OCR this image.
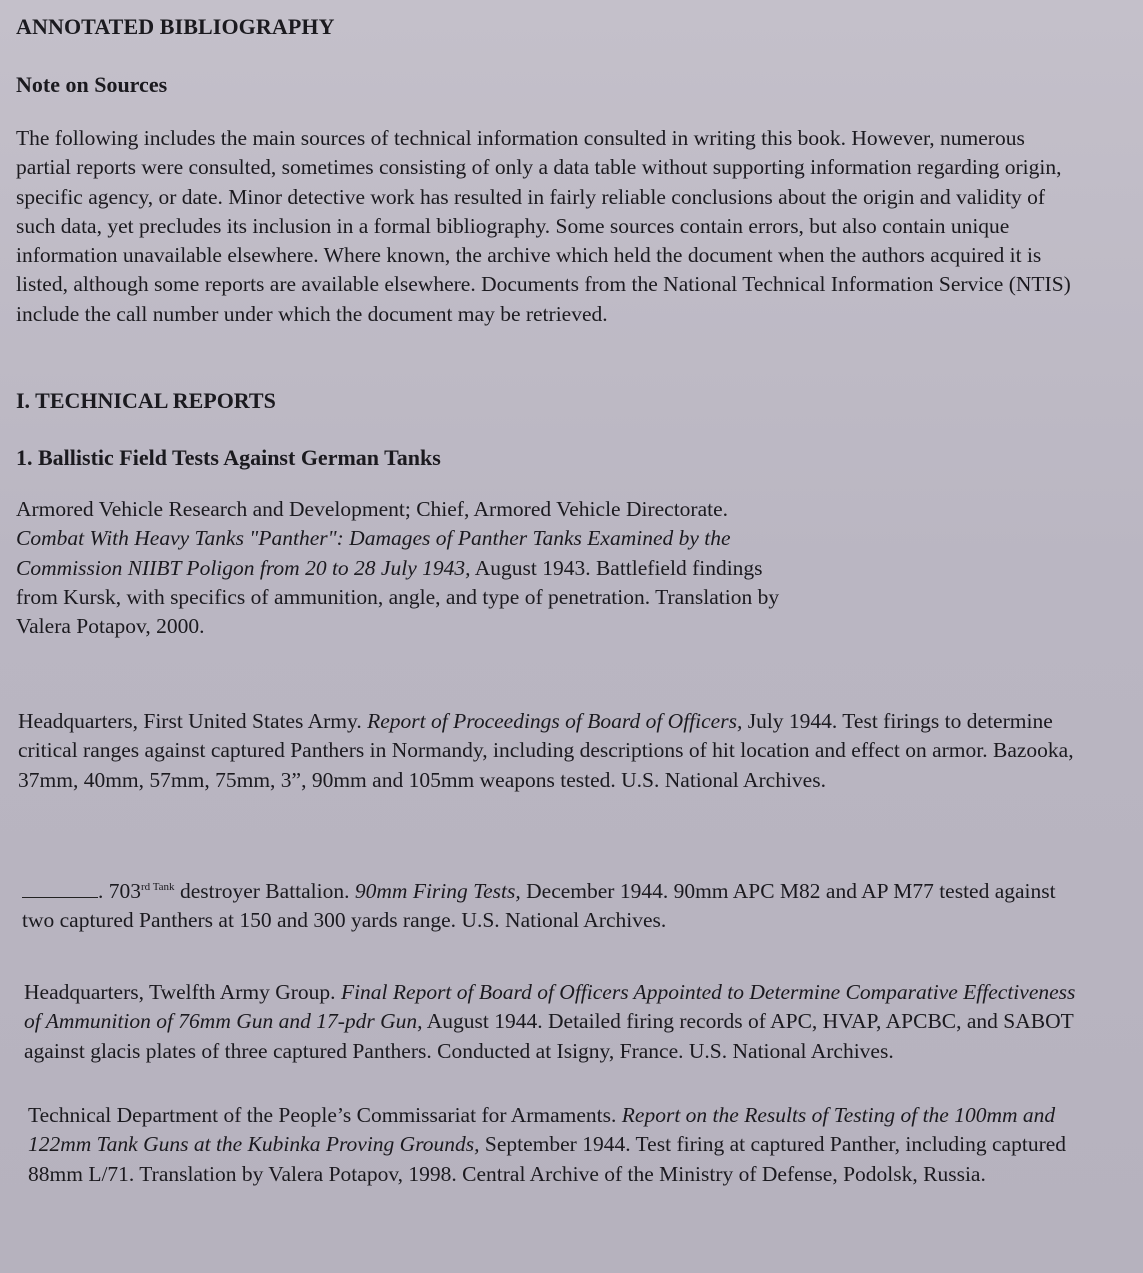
ANNOTATED BIBLIOGRAPHY
Note on Sources

The following includes the main sources of technical information consulted in writing this book. However, numerous partial reports were consulted, sometimes consisting of only a data table without supporting information regarding origin, specific agency, or date. Minor detective work has resulted in fairly reliable conclusions about the origin and validity of such data, yet precludes its inclusion in a formal bibliography. Some sources contain errors, but also contain unique information unavailable elsewhere. Where known, the archive which held the document when the authors acquired it is listed, although some reports are available elsewhere. Documents from the National Technical Information Service (NTIS) include the call number under which the document may be retrieved.

I. TECHNICAL REPORTS
1. Ballistic Field Tests Against German Tanks

Armored Vehicle Research and Development; Chief, Armored Vehicle Directorate. Combat With Heavy Tanks "Panther": Damages of Panther Tanks Examined by the Commission NIIBT Poligon from 20 to 28 July 1943, August 1943. Battlefield findings from Kursk, with specifics of ammunition, angle, and type of penetration. Translation by Valera Potapov, 2000.

Headquarters, First United States Army. Report of Proceedings of Board of Officers, July 1944. Test firings to determine critical ranges against captured Panthers in Normandy, including descriptions of hit location and effect on armor. Bazooka, 37mm, 40mm, 57mm, 75mm, 3”, 90mm and 105mm weapons tested. U.S. National Archives.

. $703^{rd Tank}$ destroyer Battalion. 90mm Firing Tests, December 1944. 90mm APC M82 and AP M77 tested against two captured Panthers at 150 and 300 yards range. U.S. National Archives.

Headquarters, Twelfth Army Group. Final Report of Board of Officers Appointed to Determine Comparative Effectiveness of Ammunition of 76mm Gun and 17-pdr Gun, August 1944. Detailed firing records of APC, HVAP, APCBC, and SABOT against glacis plates of three captured Panthers. Conducted at Isigny, France. U.S. National Archives.

Technical Department of the People’s Commissariat for Armaments. Report on the Results of Testing of the 100mm and 122mm Tank Guns at the Kubinka Proving Grounds, September 1944. Test firing at captured Panther, including captured 88mm L/71. Translation by Valera Potapov, 1998. Central Archive of the Ministry of Defense, Podolsk, Russia.
